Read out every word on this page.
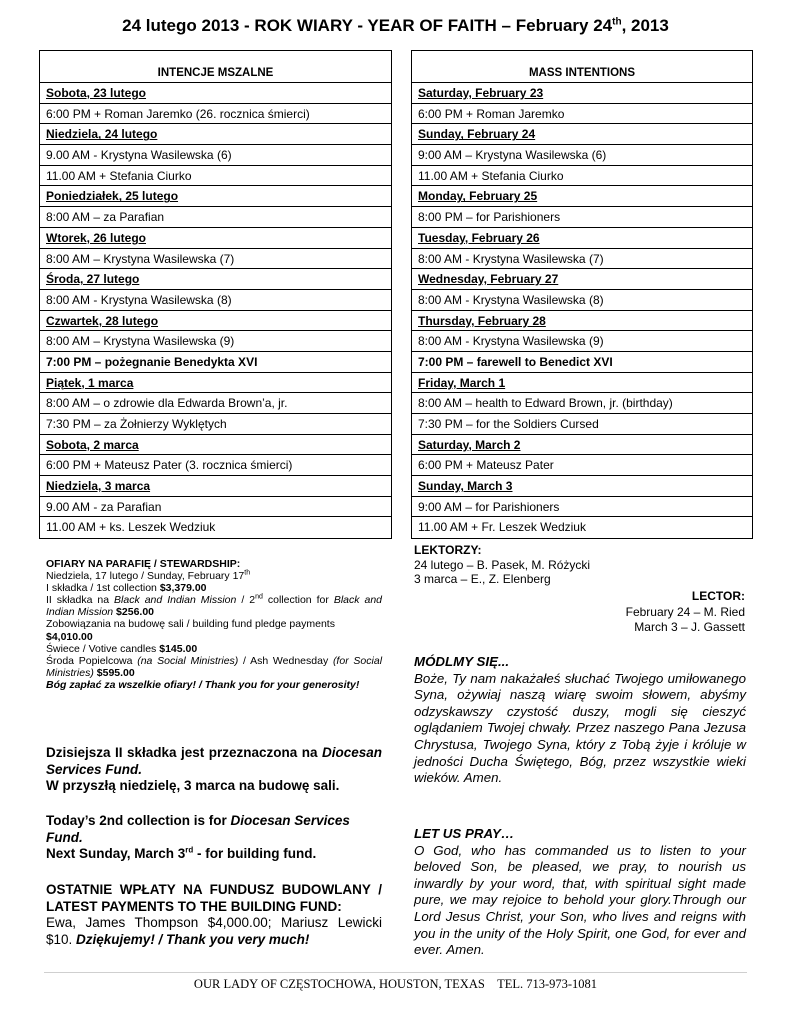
24 lutego 2013 - ROK WIARY - YEAR OF FAITH – February 24th, 2013
INTENCJE MSZALNE
Sobota, 23 lutego
6:00 PM + Roman Jaremko (26. rocznica śmierci)
Niedziela, 24 lutego
9.00 AM - Krystyna Wasilewska (6)
11.00 AM + Stefania Ciurko
Poniedziałek, 25 lutego
8:00 AM – za Parafian
Wtorek, 26 lutego
8:00 AM – Krystyna Wasilewska (7)
Środa, 27 lutego
8:00 AM - Krystyna Wasilewska (8)
Czwartek, 28 lutego
8:00 AM – Krystyna Wasilewska (9)
7:00 PM – pożegnanie Benedykta XVI
Piątek, 1 marca
8:00 AM – o zdrowie dla Edwarda Brown’a, jr.
7:30 PM – za Żołnierzy Wyklętych
Sobota, 2 marca
6:00 PM + Mateusz Pater (3. rocznica śmierci)
Niedziela, 3 marca
9.00 AM - za Parafian
11.00 AM + ks. Leszek Wedziuk
MASS INTENTIONS
Saturday, February 23
6:00 PM + Roman Jaremko
Sunday, February 24
9:00 AM – Krystyna Wasilewska (6)
11.00 AM + Stefania Ciurko
Monday, February 25
8:00 PM – for Parishioners
Tuesday, February 26
8:00 AM - Krystyna Wasilewska (7)
Wednesday, February 27
8:00 AM - Krystyna Wasilewska (8)
Thursday, February 28
8:00 AM - Krystyna Wasilewska (9)
7:00 PM – farewell to Benedict XVI
Friday, March 1
8:00 AM – health to Edward Brown, jr. (birthday)
7:30 PM – for the Soldiers Cursed
Saturday, March 2
6:00 PM + Mateusz Pater
Sunday, March 3
9:00 AM – for Parishioners
11.00 AM + Fr. Leszek Wedziuk
OFIARY NA PARAFIĘ / STEWARDSHIP:
Niedziela, 17 lutego / Sunday, February 17th
I składka / 1st collection $3,379.00
II składka na Black and Indian Mission / 2nd collection for Black and Indian Mission $256.00
Zobowiązania na budowę sali / building fund pledge payments $4,010.00
Świece / Votive candles $145.00
Środa Popielcowa (na Social Ministries) / Ash Wednesday (for Social Ministries) $595.00
Bóg zapłać za wszelkie ofiary! / Thank you for your generosity!
Dzisiejsza II składka jest przeznaczona na Diocesan Services Fund.
W przyszłą niedzielę, 3 marca na budowę sali.
Today’s 2nd collection is for Diocesan Services Fund.
Next Sunday, March 3rd - for building fund.
OSTATNIE WPŁATY NA FUNDUSZ BUDOWLANY / LATEST PAYMENTS TO THE BUILDING FUND:
Ewa, James Thompson $4,000.00; Mariusz Lewicki $10. Dziękujemy! / Thank you very much!
LEKTORZY:
24 lutego – B. Pasek, M. Różycki
3 marca – E., Z. Elenberg
LECTOR:
February 24 – M. Ried
March 3 – J. Gassett
MÓDLMY SIĘ...
Boże, Ty nam nakażałeś słuchać Twojego umiłowanego Syna, ożywiaj naszą wiarę swoim słowem, abyśmy odzyskawszy czystość duszy, mogli się cieszyć oglądaniem Twojej chwały. Przez naszego Pana Jezusa Chrystusa, Twojego Syna, który z Tobą żyje i króluje w jedności Ducha Świętego, Bóg, przez wszystkie wieki wieków. Amen.
LET US PRAY…
O God, who has commanded us to listen to your beloved Son, be pleased, we pray, to nourish us inwardly by your word, that, with spiritual sight made pure, we may rejoice to behold your glory.Through our Lord Jesus Christ, your Son, who lives and reigns with you in the unity of the Holy Spirit, one God, for ever and ever. Amen.
OUR LADY OF CZĘSTOCHOWA, HOUSTON, TEXAS    TEL. 713-973-1081
